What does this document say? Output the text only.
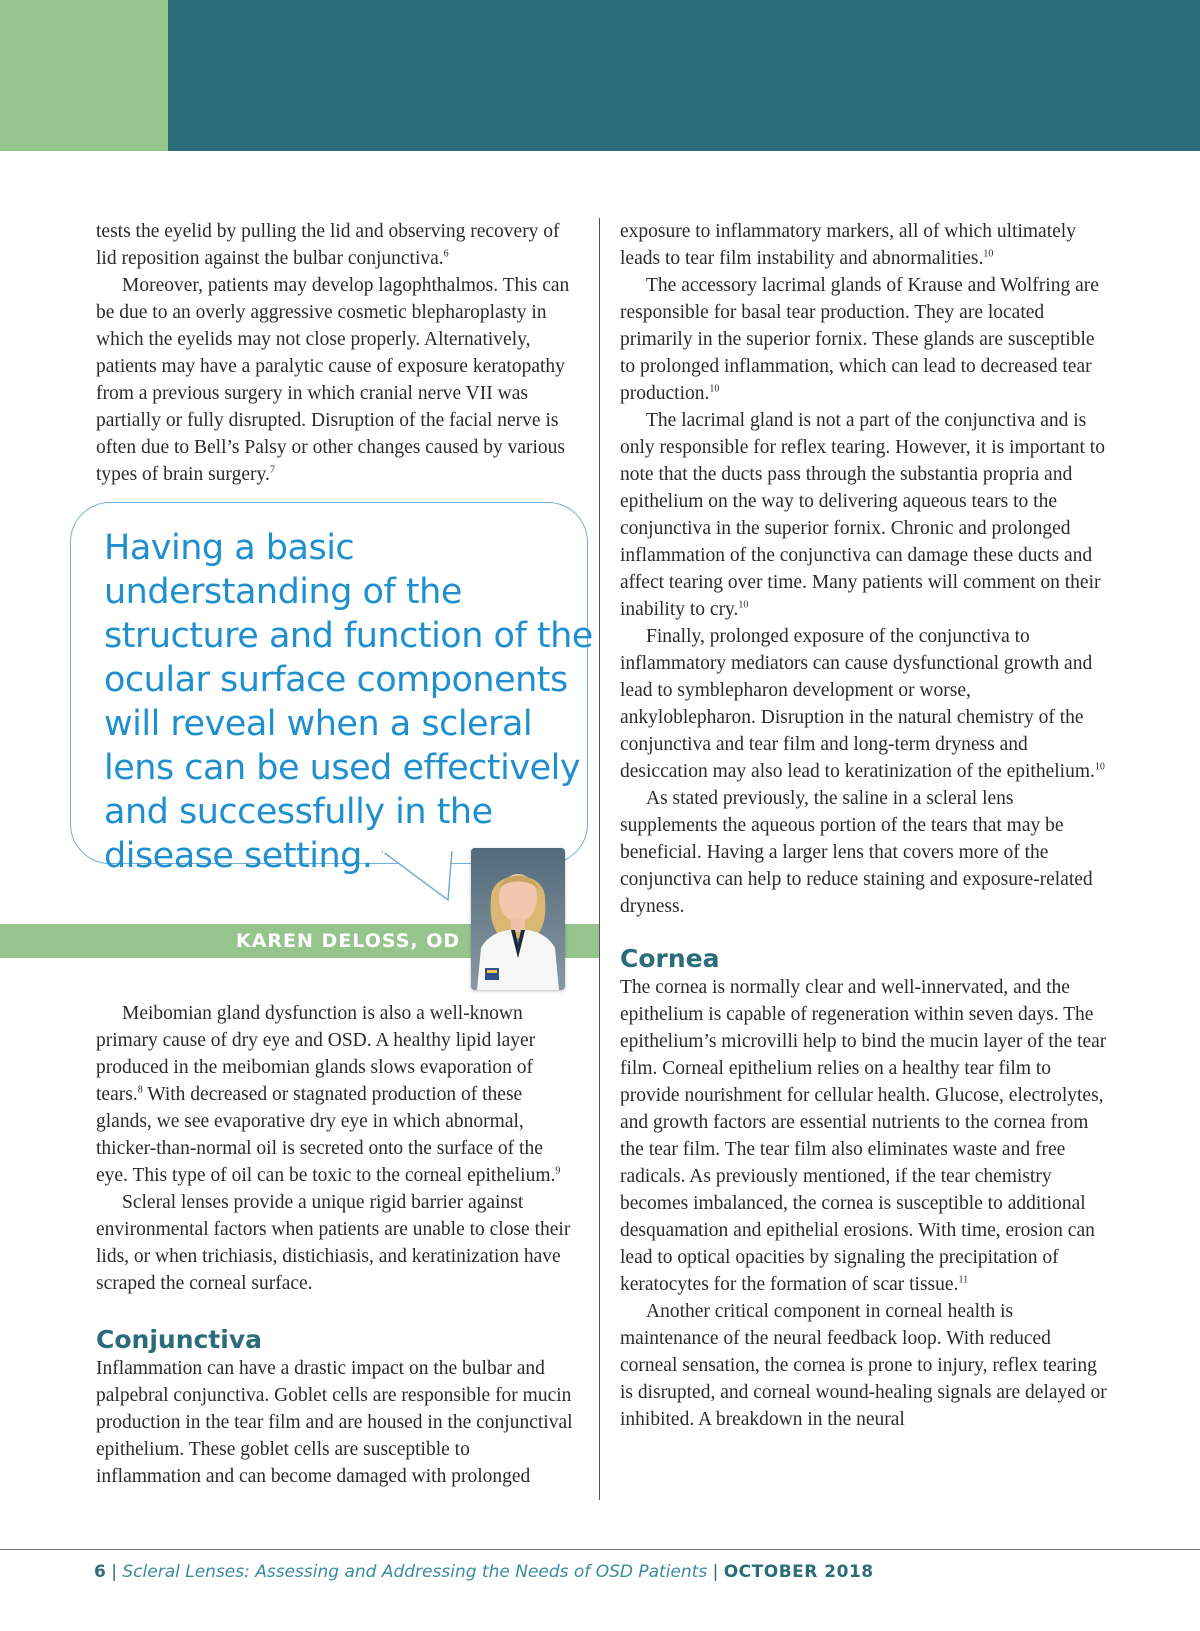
tests the eyelid by pulling the lid and observing recovery of lid reposition against the bulbar conjunctiva.$^6$

Moreover, patients may develop lagophthalmos. This can be due to an overly aggressive cosmetic blepharoplasty in which the eyelids may not close properly. Alternatively, patients may have a paralytic cause of exposure keratopathy from a previous surgery in which cranial nerve VII was partially or fully disrupted. Disruption of the facial nerve is often due to Bell’s Palsy or other changes caused by various types of brain surgery.$^7$

Having a basic understanding of the structure and function of the ocular surface components will reveal when a scleral lens can be used effectively and successfully in the disease setting.
KAREN DELOSS, OD

Meibomian gland dysfunction is also a well-known primary cause of dry eye and OSD. A healthy lipid layer produced in the meibomian glands slows evaporation of tears.$^8$ With decreased or stagnated production of these glands, we see evaporative dry eye in which abnormal, thicker-than-normal oil is secreted onto the surface of the eye. This type of oil can be toxic to the corneal epithelium.$^9$

Scleral lenses provide a unique rigid barrier against environmental factors when patients are unable to close their lids, or when trichiasis, distichiasis, and keratinization have scraped the corneal surface.

Conjunctiva

Inflammation can have a drastic impact on the bulbar and palpebral conjunctiva. Goblet cells are responsible for mucin production in the tear film and are housed in the conjunctival epithelium. These goblet cells are susceptible to inflammation and can become damaged with prolonged

exposure to inflammatory markers, all of which ultimately leads to tear film instability and abnormalities.$^{10}$

The accessory lacrimal glands of Krause and Wolfring are responsible for basal tear production. They are located primarily in the superior fornix. These glands are susceptible to prolonged inflammation, which can lead to decreased tear production.$^{10}$

The lacrimal gland is not a part of the conjunctiva and is only responsible for reflex tearing. However, it is important to note that the ducts pass through the substantia propria and epithelium on the way to delivering aqueous tears to the conjunctiva in the superior fornix. Chronic and prolonged inflammation of the conjunctiva can damage these ducts and affect tearing over time. Many patients will comment on their inability to cry.$^{10}$

Finally, prolonged exposure of the conjunctiva to inflammatory mediators can cause dysfunctional growth and lead to symblepharon development or worse, ankyloblepharon. Disruption in the natural chemistry of the conjunctiva and tear film and long-term dryness and desiccation may also lead to keratinization of the epithelium.$^{10}$

As stated previously, the saline in a scleral lens supplements the aqueous portion of the tears that may be beneficial. Having a larger lens that covers more of the conjunctiva can help to reduce staining and exposure-related dryness.

Cornea

The cornea is normally clear and well-innervated, and the epithelium is capable of regeneration within seven days. The epithelium’s microvilli help to bind the mucin layer of the tear film. Corneal epithelium relies on a healthy tear film to provide nourishment for cellular health. Glucose, electrolytes, and growth factors are essential nutrients to the cornea from the tear film. The tear film also eliminates waste and free radicals. As previously mentioned, if the tear chemistry becomes imbalanced, the cornea is susceptible to additional desquamation and epithelial erosions. With time, erosion can lead to optical opacities by signaling the precipitation of keratocytes for the formation of scar tissue.$^{11}$

Another critical component in corneal health is maintenance of the neural feedback loop. With reduced corneal sensation, the cornea is prone to injury, reflex tearing is disrupted, and corneal wound-healing signals are delayed or inhibited. A breakdown in the neural

6 | Scleral Lenses: Assessing and Addressing the Needs of OSD Patients | OCTOBER 2018
